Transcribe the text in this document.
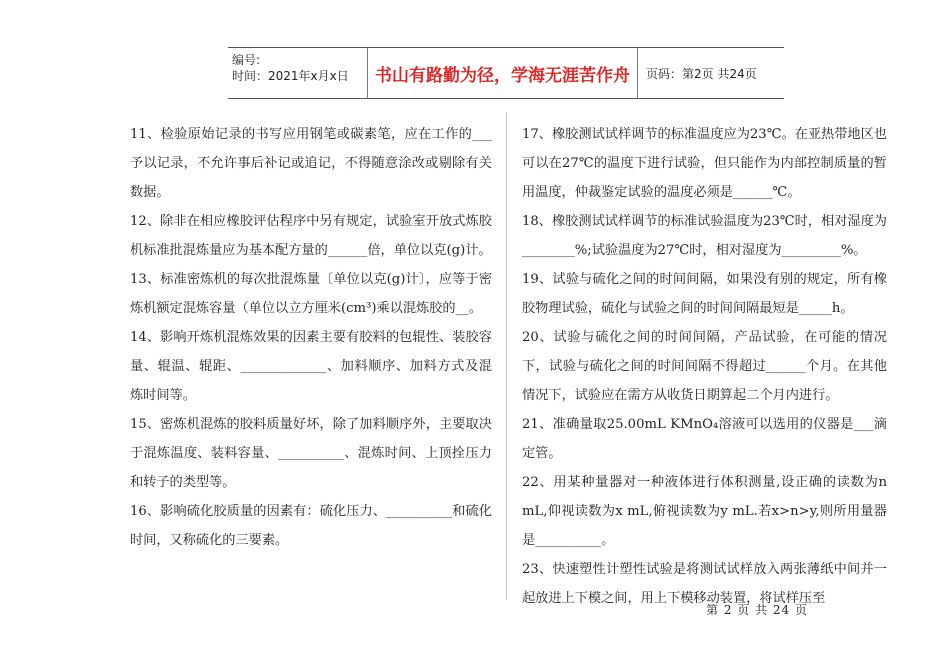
编号:
时间：2021年x月x日	书山有路勤为径，学海无涯苦作舟	页码：第2页 共24页

11、检验原始记录的书写应用钢笔或碳素笔，应在工作的___予以记录，不允许事后补记或追记，不得随意涂改或剔除有关数据。

12、除非在相应橡胶评估程序中另有规定，试验室开放式炼胶机标准批混炼量应为基本配方量的______倍，单位以克(g)计。

13、标准密炼机的每次批混炼量〔单位以克(g)计〕，应等于密炼机额定混炼容量（单位以立方厘米(cm³)乘以混炼胶的__。

14、影响开炼机混炼效果的因素主要有胶料的包辊性、装胶容量、辊温、辊距、_____________、加料顺序、加料方式及混炼时间等。

15、密炼机混炼的胶料质量好坏，除了加料顺序外，主要取决于混炼温度、装料容量、__________、混炼时间、上顶拴压力和转子的类型等。

16、影响硫化胶质量的因素有：硫化压力、__________和硫化时间，又称硫化的三要素。

17、橡胶测试试样调节的标准温度应为23℃。在亚热带地区也可以在27℃的温度下进行试验，但只能作为内部控制质量的暂用温度，仲裁鉴定试验的温度必须是______℃。

18、橡胶测试试样调节的标准试验温度为23℃时，相对湿度为________%;试验温度为27℃时，相对湿度为_________%。

19、试验与硫化之间的时间间隔，如果没有别的规定，所有橡胶物理试验，硫化与试验之间的时间间隔最短是_____h。

20、试验与硫化之间的时间间隔，产品试验，在可能的情况下，试验与硫化之间的时间间隔不得超过______个月。在其他情况下，试验应在需方从收货日期算起二个月内进行。

21、准确量取25.00mL KMnO₄溶液可以选用的仪器是___滴定管。

22、用某种量器对一种液体进行体积测量,设正确的读数为n mL,仰视读数为x mL,俯视读数为y mL.若x>n>y,则所用量器是__________。

23、快速塑性计塑性试验是将测试试样放入两张薄纸中间并一起放进上下模之间，用上下模移动装置，将试样压至

第 2 页 共 24 页
